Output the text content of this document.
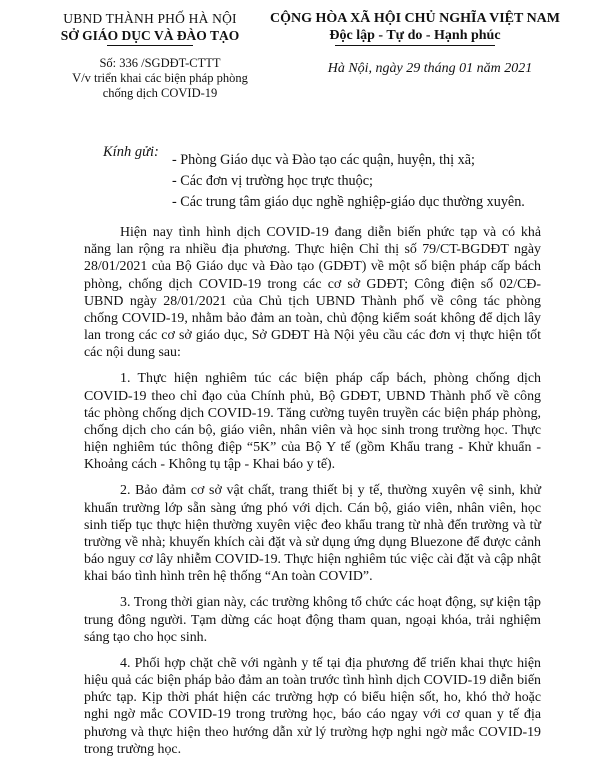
UBND THÀNH PHỐ HÀ NỘI
SỞ GIÁO DỤC VÀ ĐÀO TẠO
CỘNG HÒA XÃ HỘI CHỦ NGHĨA VIỆT NAM
Độc lập - Tự do - Hạnh phúc
Số: 336 /SGDĐT-CTTT
V/v triển khai các biện pháp phòng
chống dịch COVID-19
Hà Nội, ngày 29 tháng 01 năm 2021
Kính gửi: - Phòng Giáo dục và Đào tạo các quận, huyện, thị xã;
- Các đơn vị trường học trực thuộc;
- Các trung tâm giáo dục nghề nghiệp-giáo dục thường xuyên.

Hiện nay tình hình dịch COVID-19 đang diễn biến phức tạp và có khả năng lan rộng ra nhiều địa phương. Thực hiện Chỉ thị số 79/CT-BGDĐT ngày 28/01/2021 của Bộ Giáo dục và Đào tạo (GDĐT) về một số biện pháp cấp bách phòng, chống dịch COVID-19 trong các cơ sở GDĐT; Công điện số 02/CĐ-UBND ngày 28/01/2021 của Chủ tịch UBND Thành phố về công tác phòng chống COVID-19, nhằm bảo đảm an toàn, chủ động kiểm soát không để dịch lây lan trong các cơ sở giáo dục, Sở GDĐT Hà Nội yêu cầu các đơn vị thực hiện tốt các nội dung sau:

1. Thực hiện nghiêm túc các biện pháp cấp bách, phòng chống dịch COVID-19 theo chỉ đạo của Chính phủ, Bộ GDĐT, UBND Thành phố về công tác phòng chống dịch COVID-19. Tăng cường tuyên truyền các biện pháp phòng, chống dịch cho cán bộ, giáo viên, nhân viên và học sinh trong trường học. Thực hiện nghiêm túc thông điệp “5K” của Bộ Y tế (gồm Khẩu trang - Khử khuẩn - Khoảng cách - Không tụ tập - Khai báo y tế).

2. Bảo đảm cơ sở vật chất, trang thiết bị y tế, thường xuyên vệ sinh, khử khuẩn trường lớp sẵn sàng ứng phó với dịch. Cán bộ, giáo viên, nhân viên, học sinh tiếp tục thực hiện thường xuyên việc đeo khẩu trang từ nhà đến trường và từ trường về nhà; khuyến khích cài đặt và sử dụng ứng dụng Bluezone để được cảnh báo nguy cơ lây nhiễm COVID-19. Thực hiện nghiêm túc việc cài đặt và cập nhật khai báo tình hình trên hệ thống “An toàn COVID”.

3. Trong thời gian này, các trường không tổ chức các hoạt động, sự kiện tập trung đông người. Tạm dừng các hoạt động tham quan, ngoại khóa, trải nghiệm sáng tạo cho học sinh.

4. Phối hợp chặt chẽ với ngành y tế tại địa phương để triển khai thực hiện hiệu quả các biện pháp bảo đảm an toàn trước tình hình dịch COVID-19 diễn biến phức tạp. Kịp thời phát hiện các trường hợp có biểu hiện sốt, ho, khó thở hoặc nghi ngờ mắc COVID-19 trong trường học, báo cáo ngay với cơ quan y tế địa phương và thực hiện theo hướng dẫn xử lý trường hợp nghi ngờ mắc COVID-19 trong trường học.
